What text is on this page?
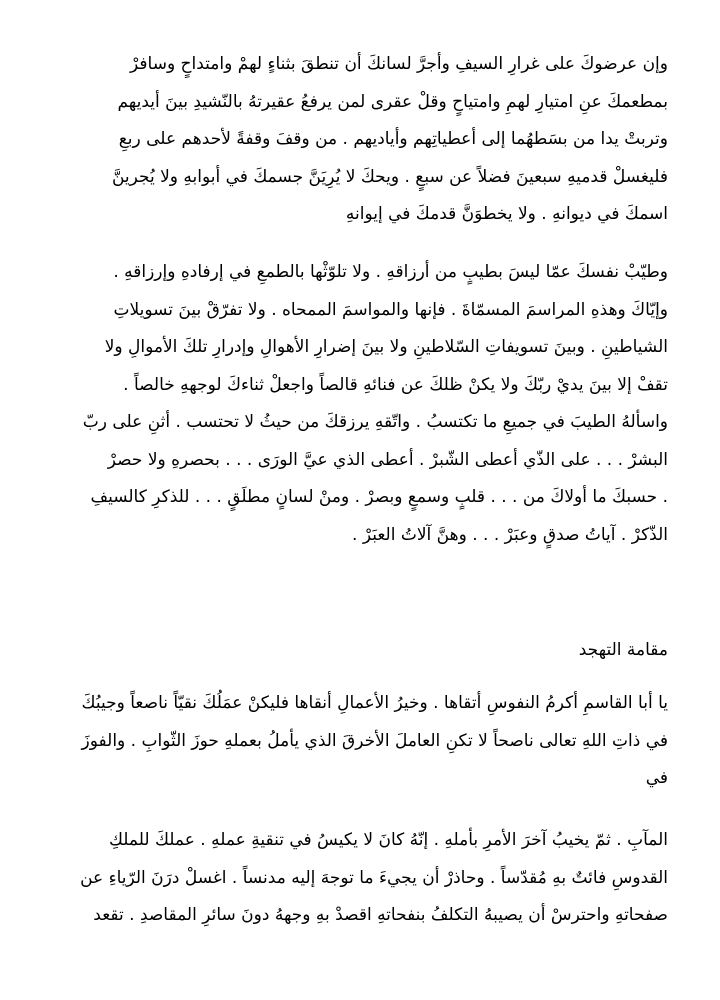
وإن عرضوكَ على غرارِ السيفِ وأجرَّ لسانكَ أن تنطقَ بثناءٍ لهمْ وامتداحٍ وسافرْ
بمطعمكَ عنِ امتيارِ لهمِ وامتياحٍ وقلْ عقرى لمن يرفعُ عقيرتهُ بالنّشيدِ بينَ أيديهم
وتربتْ يدا من بسَطهُما إلى أعطياتِهم وأياديهم . من وقفَ وقفةً لأحدهم على ربعِ
فليغسلْ قدميهِ سبعينَ فضلاً عن سبعٍ . ويحكَ لا يُرِيَنَّ جسمكَ في أبوابهِ ولا يُجرينَّ
اسمكَ في ديوانهِ . ولا يخطوَنَّ قدمكَ في إيوانهِ
وطيّبْ نفسكَ عمّا ليسَ بطيبٍ من أرزاقهِ . ولا تلوّثْها بالطمعِ في إرفادهِ وإرزاقهِ .
وإيّاكَ وهذهِ المراسمَ المسمّاةَ . فإنها والمواسمَ الممحاه . ولا تفرّقْ بينَ تسويلاتِ
الشياطينِ . وبينَ تسويفاتِ السّلاطينِ ولا بينَ إضرارِ الأهوالِ وإدرارِ تلكَ الأموالِ ولا
تقفْ إلا بينَ يديْ ربّكَ ولا يكنْ ظلكَ عن فنائهِ قالصاً واجعلْ ثناءكَ لوجههِ خالصاً .
واسألهُ الطيبَ في جميعِ ما تكتسبُ . واتّقهِ يرزقكَ من حيثُ لا تحتسب . أثنِ على ربّ
البشرْ . . . على الذّي أعطى الشّبرْ . أعطى الذي عيَّ الورَى . . . بحصرهِ ولا حصرْ
. حسبكَ ما أولاكَ من . . . قلبٍ وسمعٍ وبصرْ . ومنْ لسانٍ مطلَقٍ . . . للذكرِ كالسيفِ
الذّكرْ . آياتُ صدقٍ وعبَرْ . . . وهنَّ آلاتُ العبَرْ .

مقامة التهجد

يا أبا القاسمِ أكرمُ النفوسِ أتقاها . وخيرُ الأعمالِ أنقاها فليكنْ عمَلُكَ نقيّاً ناصعاً وجيبُكَ
في ذاتِ اللهِ تعالى ناصحاً لا تكنِ العاملَ الأخرقَ الذي يأملُ بعملهِ حوزَ الثّوابِ . والفوزَ
في
المآبِ . ثمّ يخيبُ آخرَ الأمرِ بأملهِ . إنّهُ كانَ لا يكيسُ في تنقيةِ عملهِ . عملكَ للملكِ
القدوسِ فائتٌ بهِ مُقدّساً . وحاذرْ أن يجيءَ ما توجهَ إليه مدنساً . اغسلْ درَنَ الرّياءِ عن
صفحاتهِ واحترسْ أن يصيبهُ التكلفُ بنفحاتهِ اقصدْ بهِ وجههُ دونَ سائرِ المقاصدِ . تقعد
